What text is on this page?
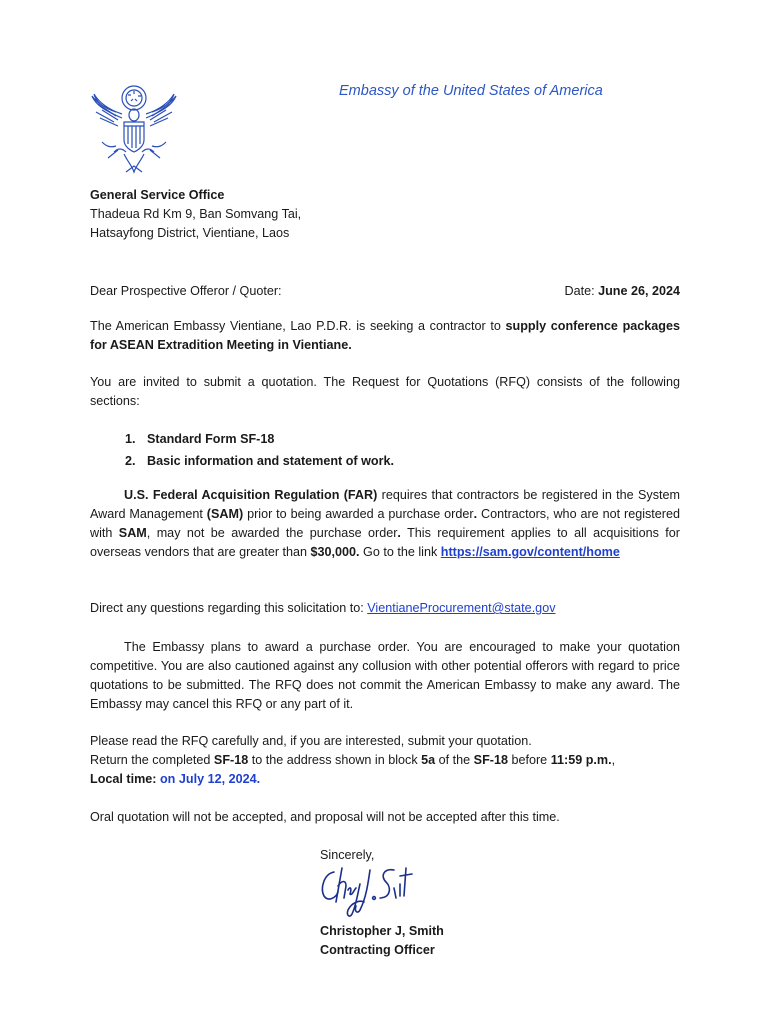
Embassy of the United States of America
General Service Office
Thadeua Rd Km 9, Ban Somvang Tai,
Hatsayfong District, Vientiane, Laos
Dear Prospective Offeror / Quoter:	Date: June 26, 2024
The American Embassy Vientiane, Lao P.D.R. is seeking a contractor to supply conference packages for ASEAN Extradition Meeting in Vientiane.
You are invited to submit a quotation. The Request for Quotations (RFQ) consists of the following sections:
1. Standard Form SF-18
2. Basic information and statement of work.
U.S. Federal Acquisition Regulation (FAR) requires that contractors be registered in the System Award Management (SAM) prior to being awarded a purchase order. Contractors, who are not registered with SAM, may not be awarded the purchase order. This requirement applies to all acquisitions for overseas vendors that are greater than $30,000. Go to the link https://sam.gov/content/home
Direct any questions regarding this solicitation to: VientianeProcurement@state.gov
The Embassy plans to award a purchase order. You are encouraged to make your quotation competitive. You are also cautioned against any collusion with other potential offerors with regard to price quotations to be submitted. The RFQ does not commit the American Embassy to make any award. The Embassy may cancel this RFQ or any part of it.
Please read the RFQ carefully and, if you are interested, submit your quotation.
Return the completed SF-18 to the address shown in block 5a of the SF-18 before 11:59 p.m.,
Local time: on July 12, 2024.
Oral quotation will not be accepted, and proposal will not be accepted after this time.
Sincerely,
Christopher J, Smith
Contracting Officer
